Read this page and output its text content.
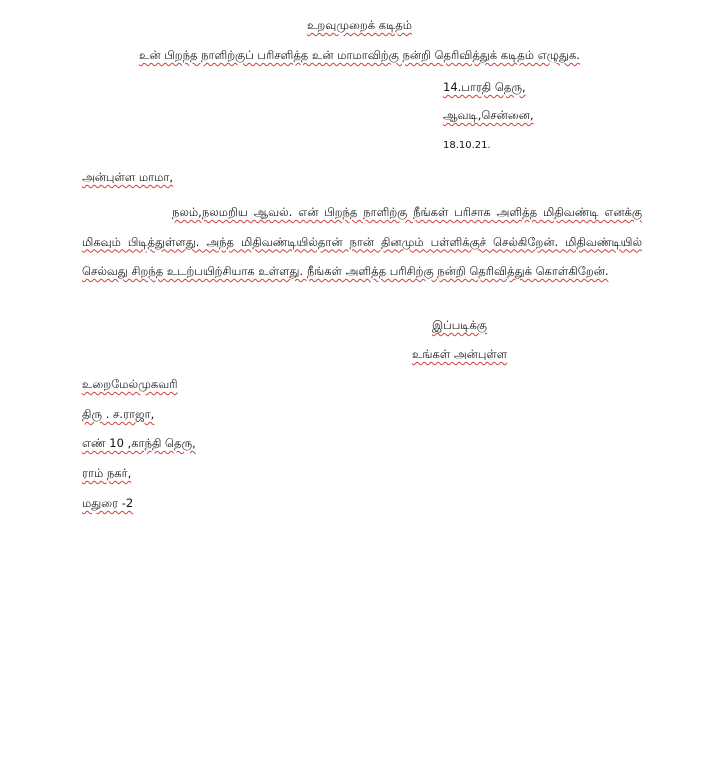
உறவுமுறைக் கடிதம்
உன் பிறந்த நாளிற்குப் பரிசளித்த உன் மாமாவிற்கு நன்றி தெரிவித்துக் கடிதம் எழுதுக.
14.பாரதி தெரு,
ஆவடி,சென்னை,
18.10.21.
அன்புள்ள மாமா,
நலம்,நலமறிய ஆவல். என் பிறந்த நாளிற்கு நீங்கள் பரிசாக அளித்த மிதிவண்டி எனக்கு மிகவும் பிடித்துள்ளது. அந்த மிதிவண்டியில்தான் நான் தினமும் பள்ளிக்குச் செல்கிறேன். மிதிவண்டியில் செல்வது சிறந்த உடற்பயிற்சியாக உள்ளது. நீங்கள் அளித்த பரிசிற்கு நன்றி தெரிவித்துக் கொள்கிறேன்.
இப்படிக்கு
உங்கள் அன்புள்ள
உறைமேல்முகவரி
திரு . ச.ராஜா,
எண் 10 ,காந்தி தெரு,
ராம் நகர்,
மதுரை -2
